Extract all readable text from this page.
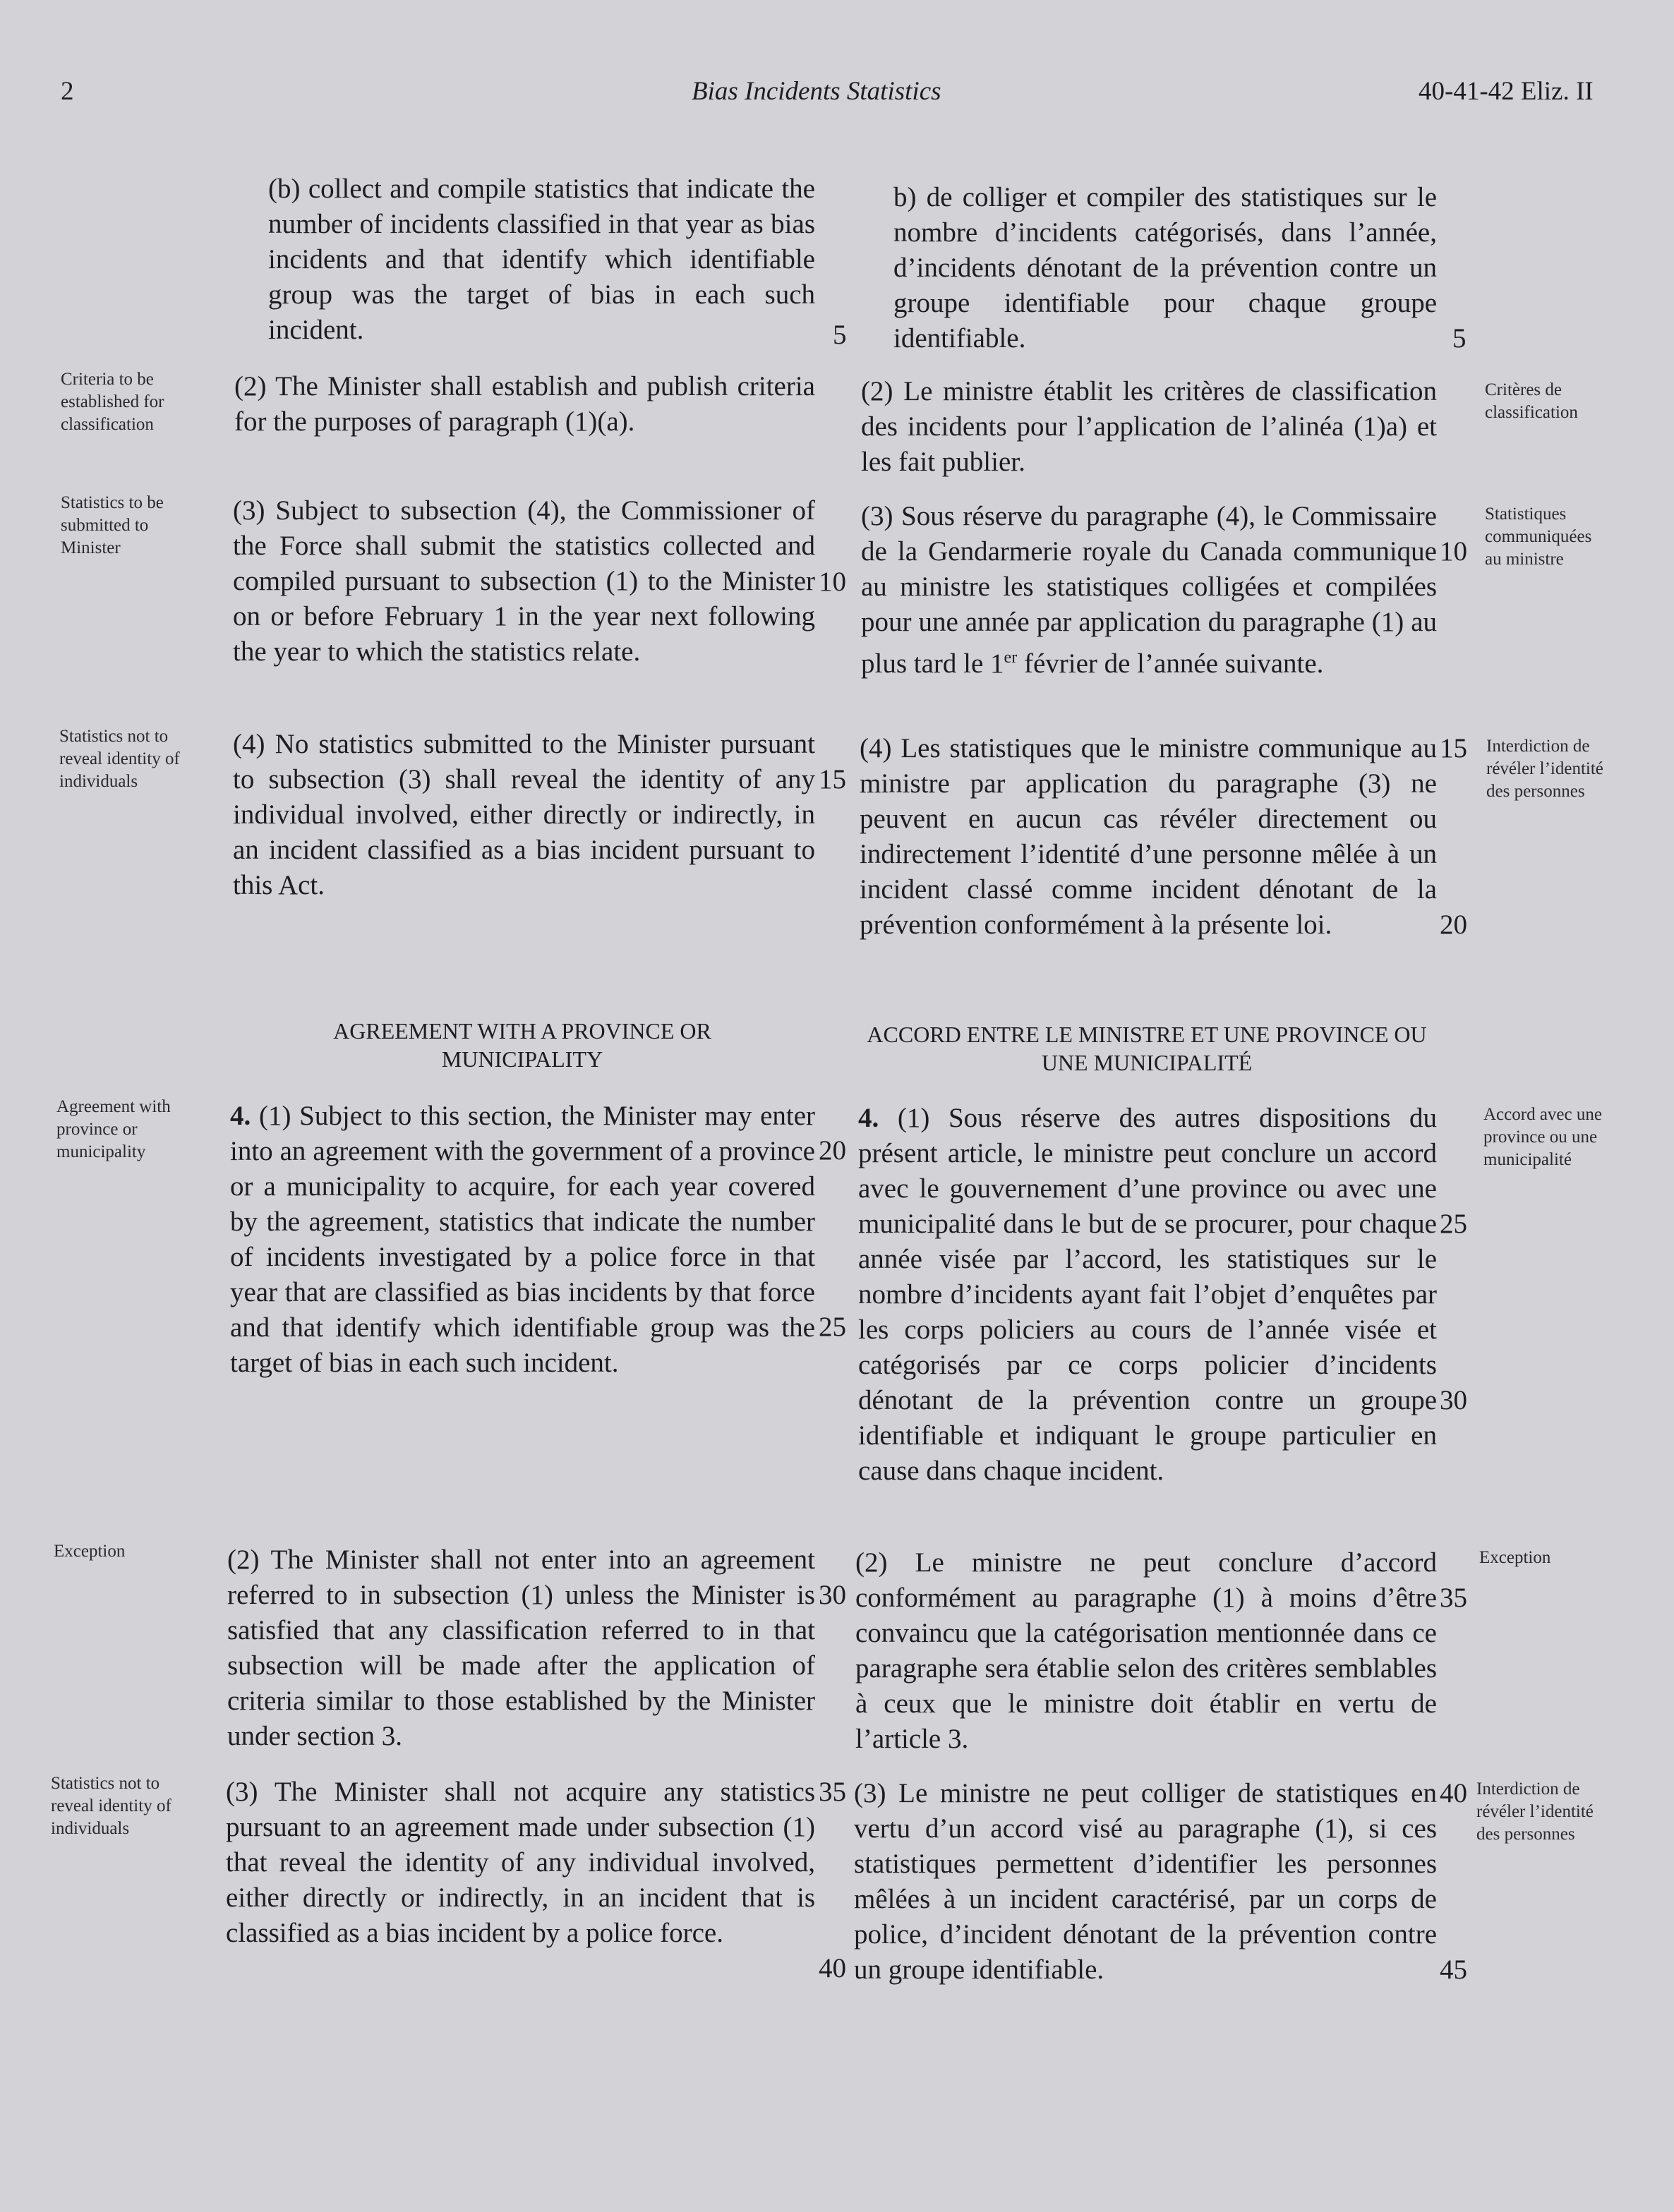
2	Bias Incidents Statistics	40-41-42 Eliz. II
(b) collect and compile statistics that indicate the number of incidents classified in that year as bias incidents and that identify which identifiable group was the target of bias in each such incident.
(2) The Minister shall establish and publish criteria for the purposes of paragraph (1)(a).
(3) Subject to subsection (4), the Commissioner of the Force shall submit the statistics collected and compiled pursuant to subsection (1) to the Minister on or before February 1 in the year next following the year to which the statistics relate.
(4) No statistics submitted to the Minister pursuant to subsection (3) shall reveal the identity of any individual involved, either directly or indirectly, in an incident classified as a bias incident pursuant to this Act.
AGREEMENT WITH A PROVINCE OR MUNICIPALITY
4. (1) Subject to this section, the Minister may enter into an agreement with the government of a province or a municipality to acquire, for each year covered by the agreement, statistics that indicate the number of incidents investigated by a police force in that year that are classified as bias incidents by that force and that identify which identifiable group was the target of bias in each such incident.
(2) The Minister shall not enter into an agreement referred to in subsection (1) unless the Minister is satisfied that any classification referred to in that subsection will be made after the application of criteria similar to those established by the Minister under section 3.
(3) The Minister shall not acquire any statistics pursuant to an agreement made under subsection (1) that reveal the identity of any individual involved, either directly or indirectly, in an incident that is classified as a bias incident by a police force.
5
10
15
20
25
30
35
40
b) de colliger et compiler des statistiques sur le nombre d’incidents catégorisés, dans l’année, d’incidents dénotant de la prévention contre un groupe identifiable pour chaque groupe identifiable.
(2) Le ministre établit les critères de classification des incidents pour l’application de l’alinéa (1)a) et les fait publier.

(3) Sous réserve du paragraphe (4), le Commissaire de la Gendarmerie royale du Canada communique au ministre les statistiques colligées et compilées pour une année par application du paragraphe (1) au plus tard le 1er février de l’année suivante.

(4) Les statistiques que le ministre communique au ministre par application du paragraphe (3) ne peuvent en aucun cas révéler directement ou indirectement l’identité d’une personne mêlée à un incident classé comme incident dénotant de la prévention conformément à la présente loi.
ACCORD ENTRE LE MINISTRE ET UNE PROVINCE OU UNE MUNICIPALITÉ
4. (1) Sous réserve des autres dispositions du présent article, le ministre peut conclure un accord avec le gouvernement d’une province ou avec une municipalité dans le but de se procurer, pour chaque année visée par l’accord, les statistiques sur le nombre d’incidents ayant fait l’objet d’enquêtes par les corps policiers au cours de l’année visée et catégorisés par ce corps policier d’incidents dénotant de la prévention contre un groupe identifiable et indiquant le groupe particulier en cause dans chaque incident.
(2) Le ministre ne peut conclure d’accord conformément au paragraphe (1) à moins d’être convaincu que la catégorisation mentionnée dans ce paragraphe sera établie selon des critères semblables à ceux que le ministre doit établir en vertu de l’article 3.
(3) Le ministre ne peut colliger de statistiques en vertu d’un accord visé au paragraphe (1), si ces statistiques permettent d’identifier les personnes mêlées à un incident caractérisé, par un corps de police, d’incident dénotant de la prévention contre un groupe identifiable.
5
10
15
20
25
30
35
40
45
Criteria to be established for classification
Statistics to be submitted to Minister
Statistics not to reveal identity of individuals
Agreement with province or municipality
Exception
Statistics not to reveal identity of individuals
Critères de classification
Statistiques communiquées au ministre
Interdiction de révéler l’identité des personnes
Accord avec une province ou une municipalité
Exception
Interdiction de révéler l’identité des personnes
